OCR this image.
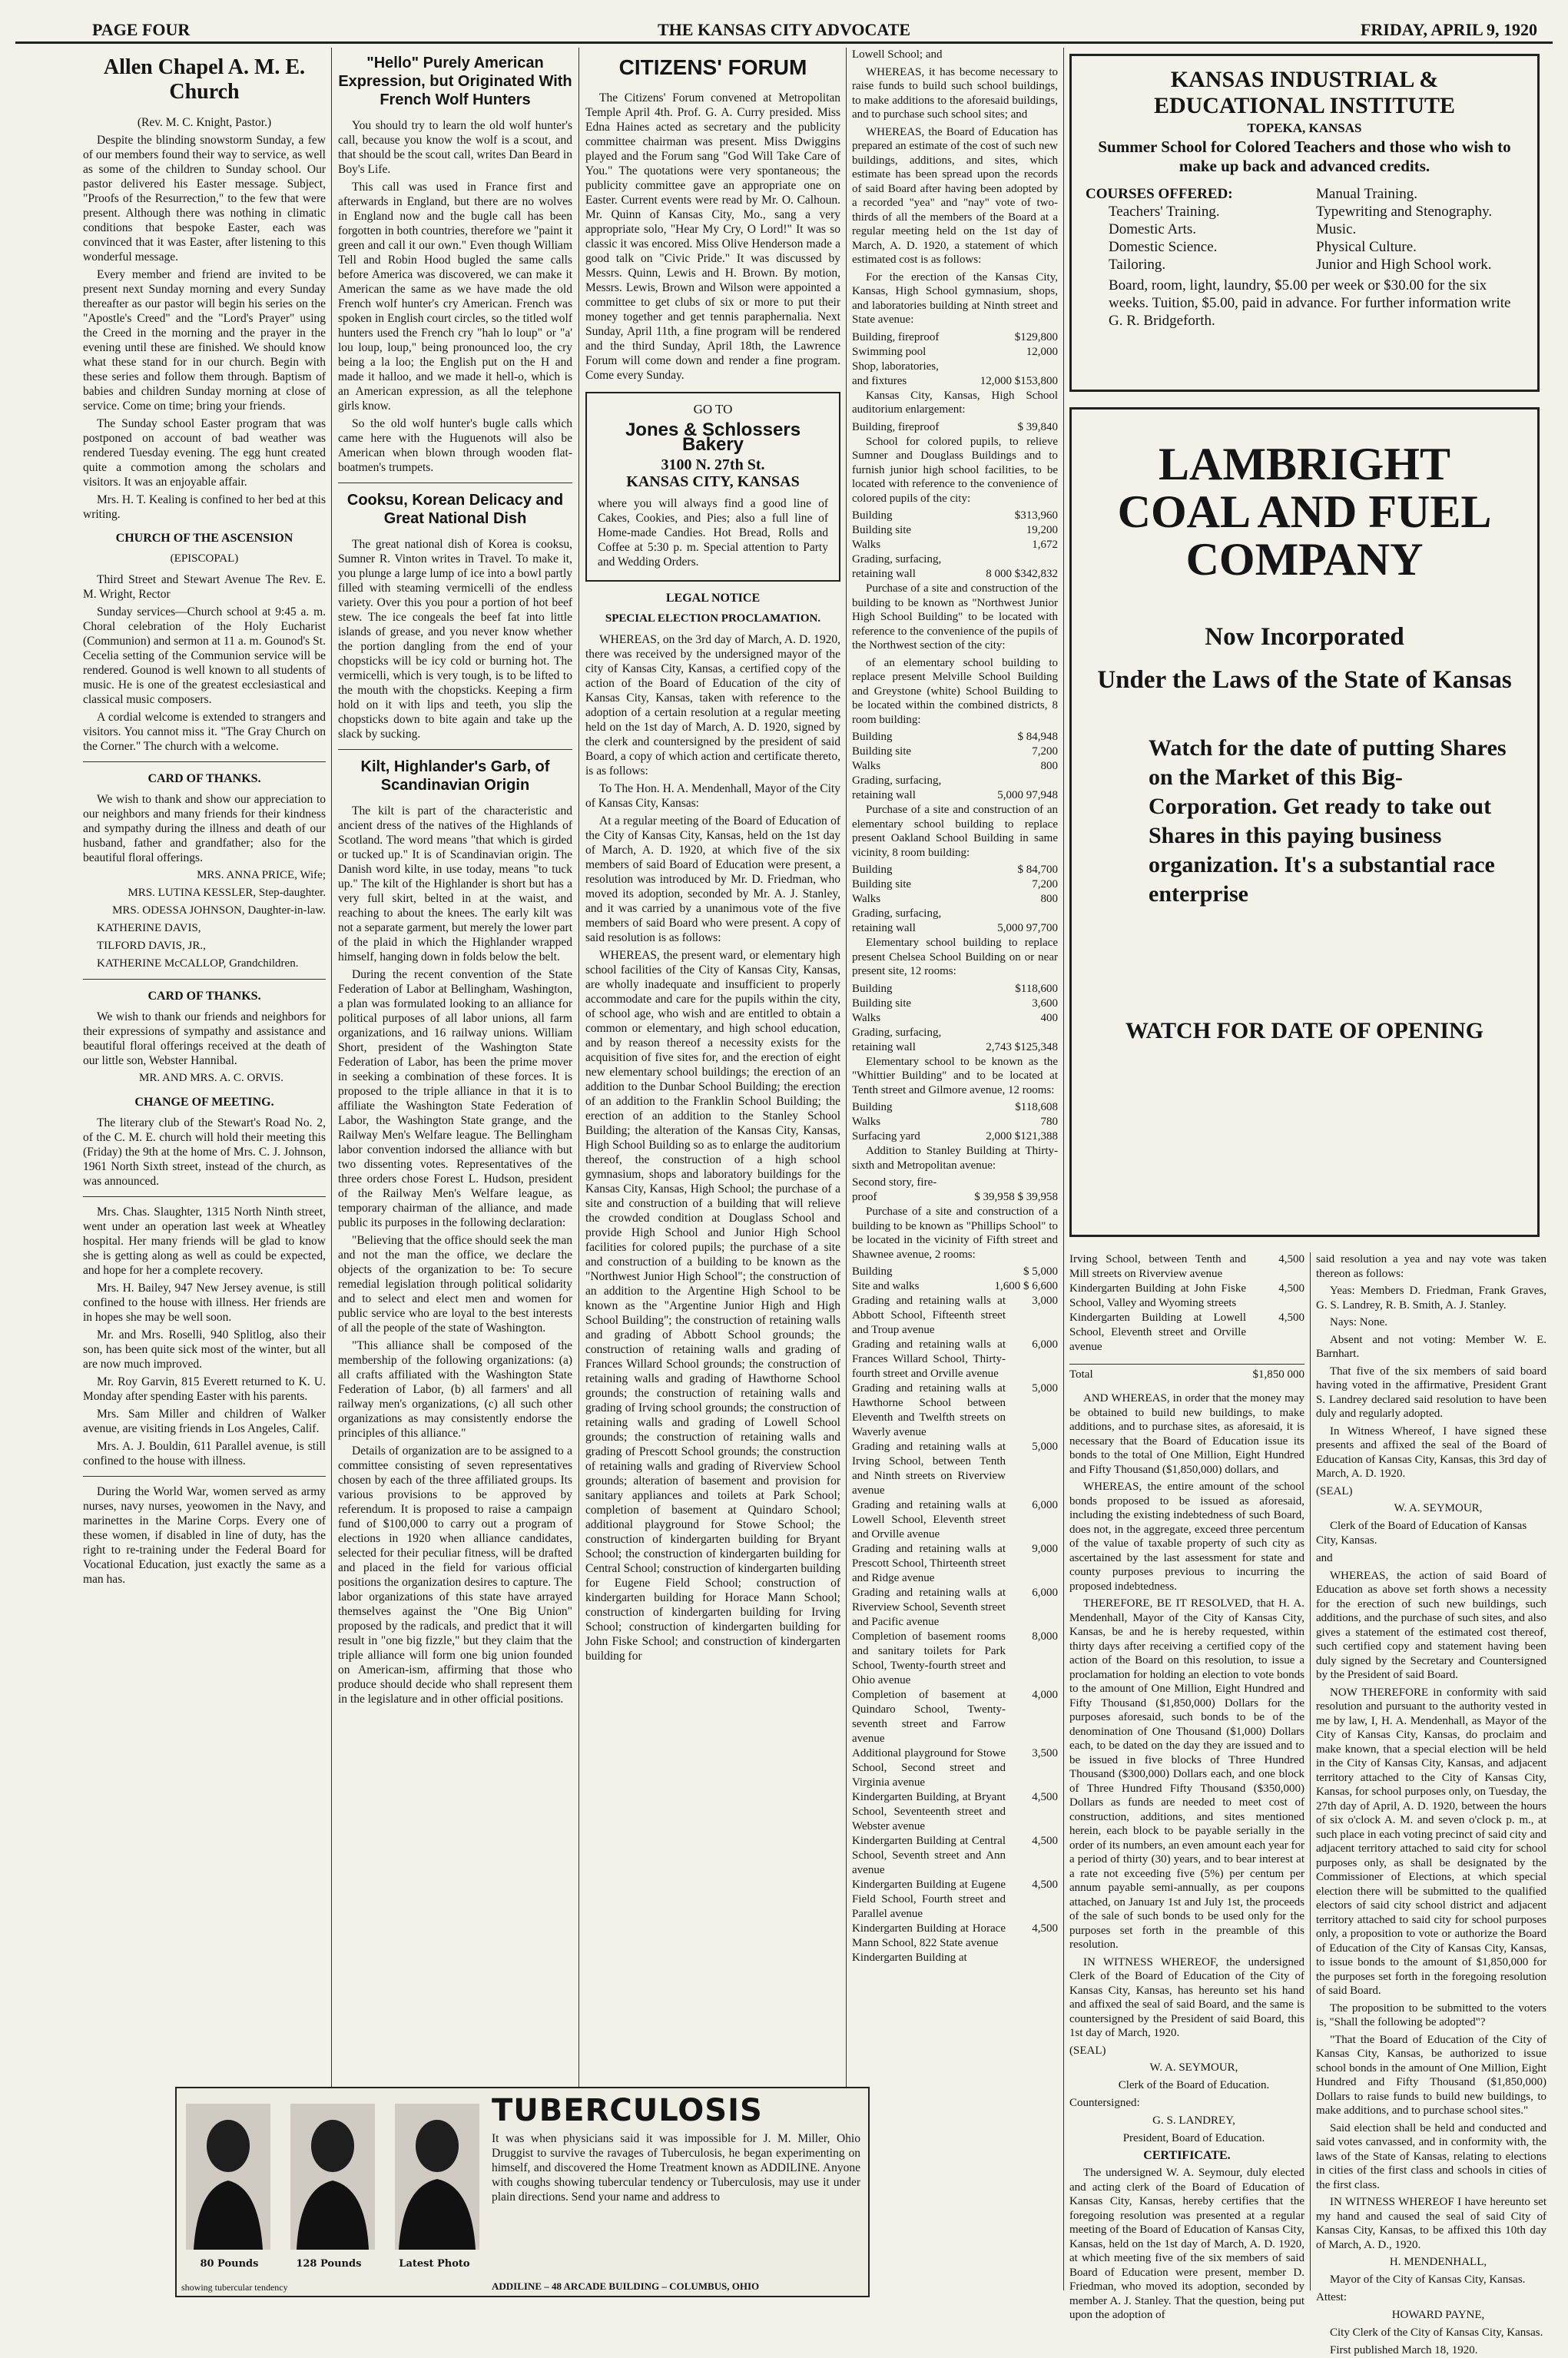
PAGE FOUR	THE KANSAS CITY ADVOCATE	FRIDAY, APRIL 9, 1920
Allen Chapel A. M. E. Church

(Rev. M. C. Knight, Pastor.)

Despite the blinding snowstorm Sunday, a few of our members found their way to service, as well as some of the children to Sunday school. Our pastor delivered his Easter message. Subject, "Proofs of the Resurrection," to the few that were present. Although there was nothing in climatic conditions that bespoke Easter, each was convinced that it was Easter, after listening to this wonderful message.

Every member and friend are invited to be present next Sunday morning and every Sunday thereafter as our pastor will begin his series on the "Apostle's Creed" and the "Lord's Prayer" using the Creed in the morning and the prayer in the evening until these are finished. We should know what these stand for in our church. Begin with these series and follow them through. Baptism of babies and children Sunday morning at close of service. Come on time; bring your friends.

The Sunday school Easter program that was postponed on account of bad weather was rendered Tuesday evening. The egg hunt created quite a commotion among the scholars and visitors. It was an enjoyable affair.

Mrs. H. T. Kealing is confined to her bed at this writing.

CHURCH OF THE ASCENSION
(EPISCOPAL)

Third Street and Stewart Avenue The Rev. E. M. Wright, Rector

Sunday services—Church school at 9:45 a. m. Choral celebration of the Holy Eucharist (Communion) and sermon at 11 a. m. Gounod's St. Cecelia setting of the Communion service will be rendered. Gounod is well known to all students of music. He is one of the greatest ecclesiastical and classical music composers.

A cordial welcome is extended to strangers and visitors. You cannot miss it. "The Gray Church on the Corner." The church with a welcome.

CARD OF THANKS.

We wish to thank and show our appreciation to our neighbors and many friends for their kindness and sympathy during the illness and death of our husband, father and grandfather; also for the beautiful floral offerings.

MRS. ANNA PRICE, Wife;

MRS. LUTINA KESSLER, Step-daughter.

MRS. ODESSA JOHNSON, Daughter-in-law.

KATHERINE DAVIS,

TILFORD DAVIS, JR.,

KATHERINE McCALLOP, Grandchildren.

CARD OF THANKS.

We wish to thank our friends and neighbors for their expressions of sympathy and assistance and beautiful floral offerings received at the death of our little son, Webster Hannibal.

MR. AND MRS. A. C. ORVIS.

CHANGE OF MEETING.

The literary club of the Stewart's Road No. 2, of the C. M. E. church will hold their meeting this (Friday) the 9th at the home of Mrs. C. J. Johnson, 1961 North Sixth street, instead of the church, as was announced.

Mrs. Chas. Slaughter, 1315 North Ninth street, went under an operation last week at Wheatley hospital. Her many friends will be glad to know she is getting along as well as could be expected, and hope for her a complete recovery.

Mrs. H. Bailey, 947 New Jersey avenue, is still confined to the house with illness. Her friends are in hopes she may be well soon.

Mr. and Mrs. Roselli, 940 Splitlog, also their son, has been quite sick most of the winter, but all are now much improved.

Mr. Roy Garvin, 815 Everett returned to K. U. Monday after spending Easter with his parents.

Mrs. Sam Miller and children of Walker avenue, are visiting friends in Los Angeles, Calif.

Mrs. A. J. Bouldin, 611 Parallel avenue, is still confined to the house with illness.

During the World War, women served as army nurses, navy nurses, yeowomen in the Navy, and marinettes in the Marine Corps. Every one of these women, if disabled in line of duty, has the right to re-training under the Federal Board for Vocational Education, just exactly the same as a man has.

"Hello" Purely American Expression, but Originated With French Wolf Hunters

You should try to learn the old wolf hunter's call, because you know the wolf is a scout, and that should be the scout call, writes Dan Beard in Boy's Life.

This call was used in France first and afterwards in England, but there are no wolves in England now and the bugle call has been forgotten in both countries, therefore we "paint it green and call it our own." Even though William Tell and Robin Hood bugled the same calls before America was discovered, we can make it American the same as we have made the old French wolf hunter's cry American. French was spoken in English court circles, so the titled wolf hunters used the French cry "hah lo loup" or "a' lou loup, loup," being pronounced loo, the cry being a la loo; the English put on the H and made it halloo, and we made it hell-o, which is an American expression, as all the telephone girls know.

So the old wolf hunter's bugle calls which came here with the Huguenots will also be American when blown through wooden flat-boatmen's trumpets.

Cooksu, Korean Delicacy and Great National Dish

The great national dish of Korea is cooksu, Sumner R. Vinton writes in Travel. To make it, you plunge a large lump of ice into a bowl partly filled with steaming vermicelli of the endless variety. Over this you pour a portion of hot beef stew. The ice congeals the beef fat into little islands of grease, and you never know whether the portion dangling from the end of your chopsticks will be icy cold or burning hot. The vermicelli, which is very tough, is to be lifted to the mouth with the chopsticks. Keeping a firm hold on it with lips and teeth, you slip the chopsticks down to bite again and take up the slack by sucking.

Kilt, Highlander's Garb, of Scandinavian Origin

The kilt is part of the characteristic and ancient dress of the natives of the Highlands of Scotland. The word means "that which is girded or tucked up." It is of Scandinavian origin. The Danish word kilte, in use today, means "to tuck up." The kilt of the Highlander is short but has a very full skirt, belted in at the waist, and reaching to about the knees. The early kilt was not a separate garment, but merely the lower part of the plaid in which the Highlander wrapped himself, hanging down in folds below the belt.

During the recent convention of the State Federation of Labor at Bellingham, Washington, a plan was formulated looking to an alliance for political purposes of all labor unions, all farm organizations, and 16 railway unions. William Short, president of the Washington State Federation of Labor, has been the prime mover in seeking a combination of these forces. It is proposed to the triple alliance in that it is to affiliate the Washington State Federation of Labor, the Washington State grange, and the Railway Men's Welfare league. The Bellingham labor convention indorsed the alliance with but two dissenting votes. Representatives of the three orders chose Forest L. Hudson, president of the Railway Men's Welfare league, as temporary chairman of the alliance, and made public its purposes in the following declaration:

"Believing that the office should seek the man and not the man the office, we declare the objects of the organization to be: To secure remedial legislation through political solidarity and to select and elect men and women for public service who are loyal to the best interests of all the people of the state of Washington.

"This alliance shall be composed of the membership of the following organizations: (a) all crafts affiliated with the Washington State Federation of Labor, (b) all farmers' and all railway men's organizations, (c) all such other organizations as may consistently endorse the principles of this alliance."

Details of organization are to be assigned to a committee consisting of seven representatives chosen by each of the three affiliated groups. Its various provisions to be approved by referendum. It is proposed to raise a campaign fund of $100,000 to carry out a program of elections in 1920 when alliance candidates, selected for their peculiar fitness, will be drafted and placed in the field for various official positions the organization desires to capture. The labor organizations of this state have arrayed themselves against the "One Big Union" proposed by the radicals, and predict that it will result in "one big fizzle," but they claim that the triple alliance will form one big union founded on American-ism, affirming that those who produce should decide who shall represent them in the legislature and in other official positions.

CITIZENS' FORUM

The Citizens' Forum convened at Metropolitan Temple April 4th. Prof. G. A. Curry presided. Miss Edna Haines acted as secretary and the publicity committee chairman was present. Miss Dwiggins played and the Forum sang "God Will Take Care of You." The quotations were very spontaneous; the publicity committee gave an appropriate one on Easter. Current events were read by Mr. O. Calhoun. Mr. Quinn of Kansas City, Mo., sang a very appropriate solo, "Hear My Cry, O Lord!" It was so classic it was encored. Miss Olive Henderson made a good talk on "Civic Pride." It was discussed by Messrs. Quinn, Lewis and H. Brown. By motion, Messrs. Lewis, Brown and Wilson were appointed a committee to get clubs of six or more to put their money together and get tennis paraphernalia. Next Sunday, April 11th, a fine program will be rendered and the third Sunday, April 18th, the Lawrence Forum will come down and render a fine program. Come every Sunday.

GO TO
Jones & Schlossers Bakery
3100 N. 27th St.
KANSAS CITY, KANSAS

where you will always find a good line of Cakes, Cookies, and Pies; also a full line of Home-made Candies. Hot Bread, Rolls and Coffee at 5:30 p. m. Special attention to Party and Wedding Orders.

LEGAL NOTICE
SPECIAL ELECTION PROCLAMATION.

WHEREAS, on the 3rd day of March, A. D. 1920, there was received by the undersigned mayor of the city of Kansas City, Kansas, a certified copy of the action of the Board of Education of the city of Kansas City, Kansas, taken with reference to the adoption of a certain resolution at a regular meeting held on the 1st day of March, A. D. 1920, signed by the clerk and countersigned by the president of said Board, a copy of which action and certificate thereto, is as follows:

To The Hon. H. A. Mendenhall, Mayor of the City of Kansas City, Kansas:

At a regular meeting of the Board of Education of the City of Kansas City, Kansas, held on the 1st day of March, A. D. 1920, at which five of the six members of said Board of Education were present, a resolution was introduced by Mr. D. Friedman, who moved its adoption, seconded by Mr. A. J. Stanley, and it was carried by a unanimous vote of the five members of said Board who were present. A copy of said resolution is as follows:

WHEREAS, the present ward, or elementary high school facilities of the City of Kansas City, Kansas, are wholly inadequate and insufficient to properly accommodate and care for the pupils within the city, of school age, who wish and are entitled to obtain a common or elementary, and high school education, and by reason thereof a necessity exists for the acquisition of five sites for, and the erection of eight new elementary school buildings; the erection of an addition to the Dunbar School Building; the erection of an addition to the Franklin School Building; the erection of an addition to the Stanley School Building; the alteration of the Kansas City, Kansas, High School Building so as to enlarge the auditorium thereof, the construction of a high school gymnasium, shops and laboratory buildings for the Kansas City, Kansas, High School; the purchase of a site and construction of a building that will relieve the crowded condition at Douglass School and provide High School and Junior High School facilities for colored pupils; the purchase of a site and construction of a building to be known as the "Northwest Junior High School"; the construction of an addition to the Argentine High School to be known as the "Argentine Junior High and High School Building"; the construction of retaining walls and grading of Abbott School grounds; the construction of retaining walls and grading of Frances Willard School grounds; the construction of retaining walls and grading of Hawthorne School grounds; the construction of retaining walls and grading of Irving school grounds; the construction of retaining walls and grading of Lowell School grounds; the construction of retaining walls and grading of Prescott School grounds; the construction of retaining walls and grading of Riverview School grounds; alteration of basement and provision for sanitary appliances and toilets at Park School; completion of basement at Quindaro School; additional playground for Stowe School; the construction of kindergarten building for Bryant School; the construction of kindergarten building for Central School; construction of kindergarten building for Eugene Field School; construction of kindergarten building for Horace Mann School; construction of kindergarten building for Irving School; construction of kindergarten building for John Fiske School; and construction of kindergarten building for

Lowell School; and

WHEREAS, it has become necessary to raise funds to build such school buildings, to make additions to the aforesaid buildings, and to purchase such school sites; and

WHEREAS, the Board of Education has prepared an estimate of the cost of such new buildings, additions, and sites, which estimate has been spread upon the records of said Board after having been adopted by a recorded "yea" and "nay" vote of two-thirds of all the members of the Board at a regular meeting held on the 1st day of March, A. D. 1920, a statement of which estimated cost is as follows:

For the erection of the Kansas City, Kansas, High School gymnasium, shops, and laboratories building at Ninth street and State avenue:

Building, fireproof	$129,800
Swimming pool	12,000
Shop, laboratories,
and fixtures	12,000 $153,800

Kansas City, Kansas, High School auditorium enlargement:

Building, fireproof	$ 39,840

School for colored pupils, to relieve Sumner and Douglass Buildings and to furnish junior high school facilities, to be located with reference to the convenience of colored pupils of the city:

Building	$313,960
Building site	19,200
Walks	1,672
Grading, surfacing,
retaining wall	8 000 $342,832

Purchase of a site and construction of the building to be known as "Northwest Junior High School Building" to be located with reference to the convenience of the pupils of the Northwest section of the city:

of an elementary school building to replace present Melville School Building and Greystone (white) School Building to be located within the combined districts, 8 room building:

Building	$ 84,948
Building site	7,200
Walks	800
Grading, surfacing,
retaining wall	5,000 97,948

Purchase of a site and construction of an elementary school building to replace present Oakland School Building in same vicinity, 8 room building:

Building	$ 84,700
Building site	7,200
Walks	800
Grading, surfacing,
retaining wall	5,000 97,700

Elementary school building to replace present Chelsea School Building on or near present site, 12 rooms:

Building	$118,600
Building site	3,600
Walks	400
Grading, surfacing,
retaining wall	2,743 $125,348

Elementary school to be known as the "Whittier Building" and to be located at Tenth street and Gilmore avenue, 12 rooms:

Building	$118,608
Walks	780
Surfacing yard	2,000 $121,388

Addition to Stanley Building at Thirty-sixth and Metropolitan avenue:

Second story, fire-
proof	$ 39,958 $ 39,958

Purchase of a site and construction of a building to be known as "Phillips School" to be located in the vicinity of Fifth street and Shawnee avenue, 2 rooms:

Building	$ 5,000
Site and walks	1,600 $ 6,600
Grading and retaining walls at Abbott School, Fifteenth street and Troup avenue
3,000
Grading and retaining walls at Frances Willard School, Thirty-fourth street and Orville avenue
6,000
Grading and retaining walls at Hawthorne School between Eleventh and Twelfth streets on Waverly avenue
5,000
Grading and retaining walls at Irving School, between Tenth and Ninth streets on Riverview avenue
5,000
Grading and retaining walls at Lowell School, Eleventh street and Orville avenue
6,000
Grading and retaining walls at Prescott School, Thirteenth street and Ridge avenue
9,000
Grading and retaining walls at Riverview School, Seventh street and Pacific avenue
6,000
Completion of basement rooms and sanitary toilets for Park School, Twenty-fourth street and Ohio avenue
8,000
Completion of basement at Quindaro School, Twenty-seventh street and Farrow avenue
4,000
Additional playground for Stowe School, Second street and Virginia avenue
3,500
Kindergarten Building, at Bryant School, Seventeenth street and Webster avenue
4,500
Kindergarten Building at Central School, Seventh street and Ann avenue
4,500
Kindergarten Building at Eugene Field School, Fourth street and Parallel avenue
4,500
Kindergarten Building at Horace Mann School, 822 State avenue
4,500
Kindergarten Building at
KANSAS INDUSTRIAL & EDUCATIONAL INSTITUTE
TOPEKA, KANSAS
Summer School for Colored Teachers and those who wish to make up back and advanced credits.
COURSES OFFERED:
Teachers' Training.
Domestic Arts.
Domestic Science.
Tailoring.
Manual Training.
Typewriting and Stenography.
Music.
Physical Culture.
Junior and High School work.
Board, room, light, laundry, $5.00 per week or $30.00 for the six weeks. Tuition, $5.00, paid in advance. For further information write G. R. Bridgeforth.
LAMBRIGHT
COAL AND FUEL
COMPANY
Now Incorporated
Under the Laws of the State of Kansas
Watch for the date of putting Shares on the Market of this Big-Corporation. Get ready to take out Shares in this paying business organization. It's a substantial race enterprise
WATCH FOR DATE OF OPENING
Irving School, between Tenth and Mill streets on Riverview avenue
4,500
Kindergarten Building at John Fiske School, Valley and Wyoming streets
4,500
Kindergarten Building at Lowell School, Eleventh street and Orville avenue
4,500
Total	$1,850 000

AND WHEREAS, in order that the money may be obtained to build new buildings, to make additions, and to purchase sites, as aforesaid, it is necessary that the Board of Education issue its bonds to the total of One Million, Eight Hundred and Fifty Thousand ($1,850,000) dollars, and

WHEREAS, the entire amount of the school bonds proposed to be issued as aforesaid, including the existing indebtedness of such Board, does not, in the aggregate, exceed three percentum of the value of taxable property of such city as ascertained by the last assessment for state and county purposes previous to incurring the proposed indebtedness.

THEREFORE, BE IT RESOLVED, that H. A. Mendenhall, Mayor of the City of Kansas City, Kansas, be and he is hereby requested, within thirty days after receiving a certified copy of the action of the Board on this resolution, to issue a proclamation for holding an election to vote bonds to the amount of One Million, Eight Hundred and Fifty Thousand ($1,850,000) Dollars for the purposes aforesaid, such bonds to be of the denomination of One Thousand ($1,000) Dollars each, to be dated on the day they are issued and to be issued in five blocks of Three Hundred Thousand ($300,000) Dollars each, and one block of Three Hundred Fifty Thousand ($350,000) Dollars as funds are needed to meet cost of construction, additions, and sites mentioned herein, each block to be payable serially in the order of its numbers, an even amount each year for a period of thirty (30) years, and to bear interest at a rate not exceeding five (5%) per centum per annum payable semi-annually, as per coupons attached, on January 1st and July 1st, the proceeds of the sale of such bonds to be used only for the purposes set forth in the preamble of this resolution.

IN WITNESS WHEREOF, the undersigned Clerk of the Board of Education of the City of Kansas City, Kansas, has hereunto set his hand and affixed the seal of said Board, and the same is countersigned by the President of said Board, this 1st day of March, 1920.

(SEAL)

W. A. SEYMOUR,

Clerk of the Board of Education.

Countersigned:

G. S. LANDREY,

President, Board of Education.

CERTIFICATE.

The undersigned W. A. Seymour, duly elected and acting clerk of the Board of Education of Kansas City, Kansas, hereby certifies that the foregoing resolution was presented at a regular meeting of the Board of Education of Kansas City, Kansas, held on the 1st day of March, A. D. 1920, at which meeting five of the six members of said Board of Education were present, member D. Friedman, who moved its adoption, seconded by member A. J. Stanley. That the question, being put upon the adoption of

said resolution a yea and nay vote was taken thereon as follows:

Yeas: Members D. Friedman, Frank Graves, G. S. Landrey, R. B. Smith, A. J. Stanley.

Nays: None.

Absent and not voting: Member W. E. Barnhart.

That five of the six members of said board having voted in the affirmative, President Grant S. Landrey declared said resolution to have been duly and regularly adopted.

In Witness Whereof, I have signed these presents and affixed the seal of the Board of Education of Kansas City, Kansas, this 3rd day of March, A. D. 1920.

(SEAL)

W. A. SEYMOUR,

Clerk of the Board of Education of Kansas City, Kansas.

and

WHEREAS, the action of said Board of Education as above set forth shows a necessity for the erection of such new buildings, such additions, and the purchase of such sites, and also gives a statement of the estimated cost thereof, such certified copy and statement having been duly signed by the Secretary and Countersigned by the President of said Board.

NOW THEREFORE in conformity with said resolution and pursuant to the authority vested in me by law, I, H. A. Mendenhall, as Mayor of the City of Kansas City, Kansas, do proclaim and make known, that a special election will be held in the City of Kansas City, Kansas, and adjacent territory attached to the City of Kansas City, Kansas, for school purposes only, on Tuesday, the 27th day of April, A. D. 1920, between the hours of six o'clock A. M. and seven o'clock p. m., at such place in each voting precinct of said city and adjacent territory attached to said city for school purposes only, as shall be designated by the Commissioner of Elections, at which special election there will be submitted to the qualified electors of said city school district and adjacent territory attached to said city for school purposes only, a proposition to vote or authorize the Board of Education of the City of Kansas City, Kansas, to issue bonds to the amount of $1,850,000 for the purposes set forth in the foregoing resolution of said Board.

The proposition to be submitted to the voters is, "Shall the following be adopted"?

"That the Board of Education of the City of Kansas City, Kansas, be authorized to issue school bonds in the amount of One Million, Eight Hundred and Fifty Thousand ($1,850,000) Dollars to raise funds to build new buildings, to make additions, and to purchase school sites."

Said election shall be held and conducted and said votes canvassed, and in conformity with, the laws of the State of Kansas, relating to elections in cities of the first class and schools in cities of the first class.

IN WITNESS WHEREOF I have hereunto set my hand and caused the seal of said City of Kansas City, Kansas, to be affixed this 10th day of March, A. D., 1920.

H. MENDENHALL,

Mayor of the City of Kansas City, Kansas.

Attest:

HOWARD PAYNE,

City Clerk of the City of Kansas City, Kansas.

First published March 18, 1920.

80 Pounds	128 Pounds	Latest Photo
showing tubercular tendency
TUBERCULOSIS
It was when physicians said it was impossible for J. M. Miller, Ohio Druggist to survive the ravages of Tuberculosis, he began experimenting on himself, and discovered the Home Treatment known as ADDILINE. Anyone with coughs showing tubercular tendency or Tuberculosis, may use it under plain directions. Send your name and address to
ADDILINE – 48 ARCADE BUILDING – COLUMBUS, OHIO
